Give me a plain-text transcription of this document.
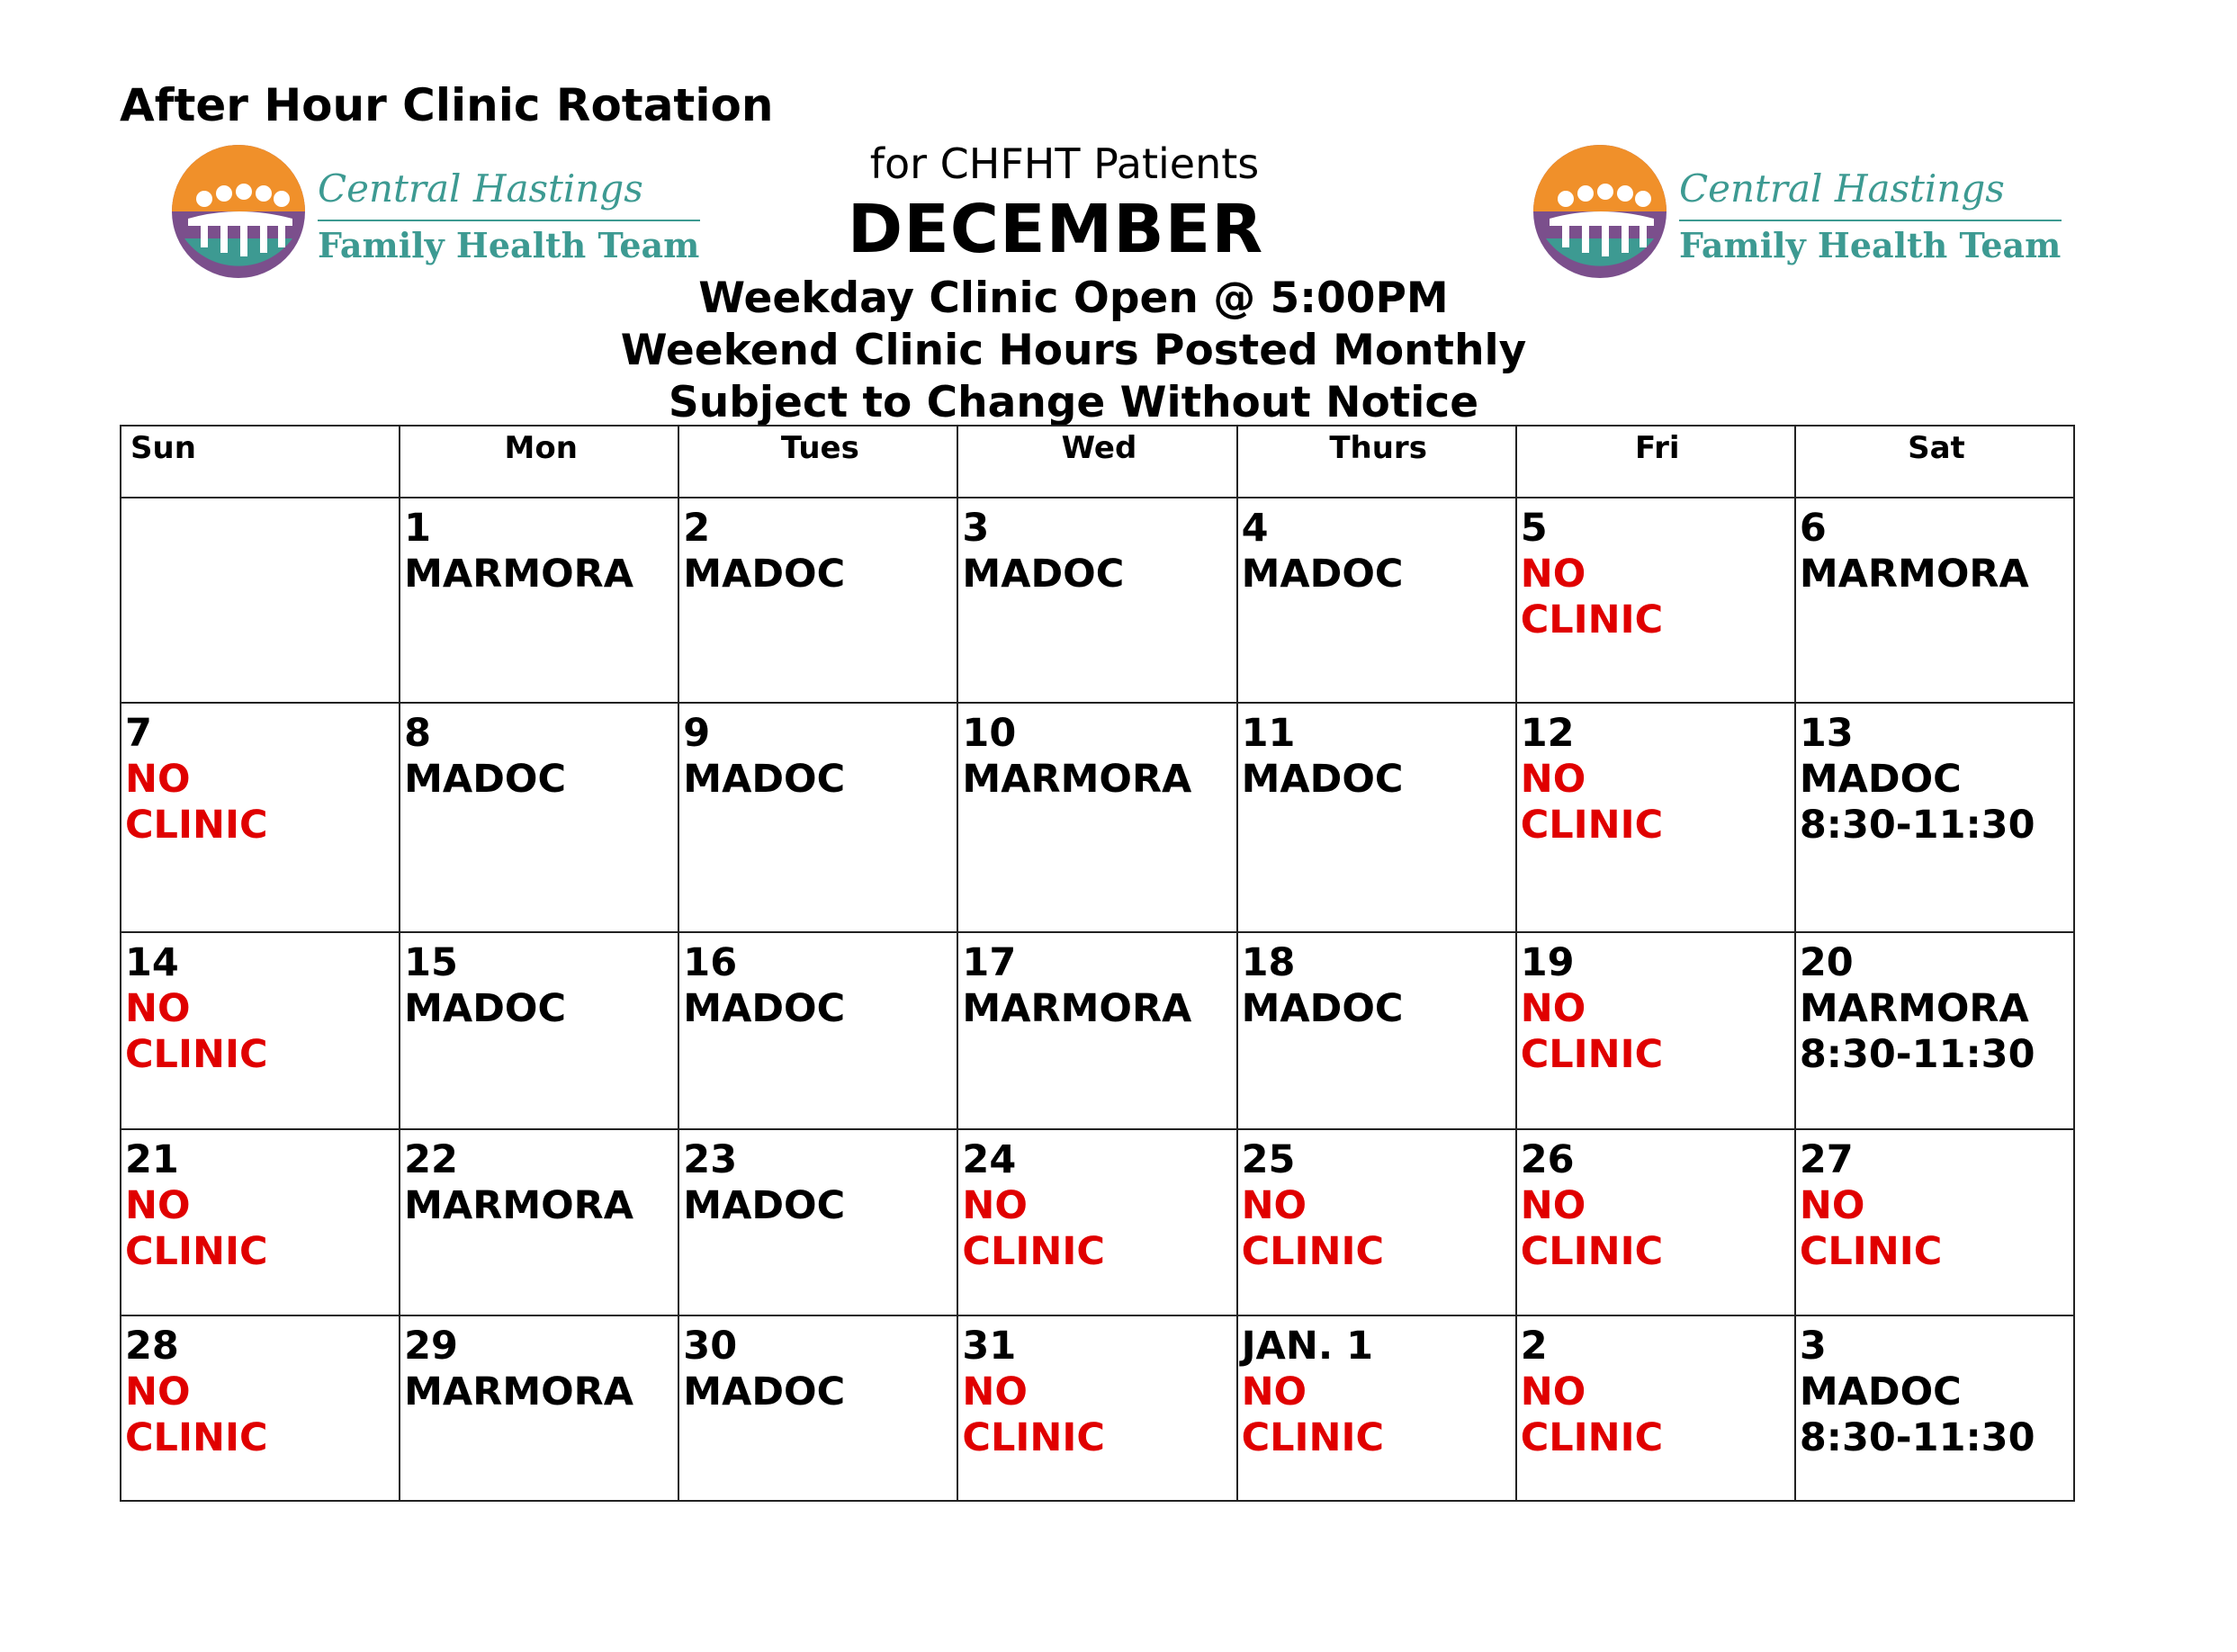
After Hour Clinic Rotation
Central Hastings
Family Health Team
Central Hastings
Family Health Team
for CHFHT Patients
DECEMBER
Weekday Clinic Open @ 5:00PM
Weekend Clinic Hours Posted Monthly
Subject to Change Without Notice
Sun	Mon	Tues	Wed	Thurs	Fri	Sat

	1
MARMORA	2
MADOC	3
MADOC	4
MADOC	5
NO
CLINIC	6
MARMORA

7
NO
CLINIC	8
MADOC	9
MADOC	10
MARMORA	11
MADOC	12
NO
CLINIC	13
MADOC
8:30-11:30

14
NO
CLINIC	15
MADOC	16
MADOC	17
MARMORA	18
MADOC	19
NO
CLINIC	20
MARMORA
8:30-11:30

21
NO
CLINIC	22
MARMORA	23
MADOC	24
NO
CLINIC	25
NO
CLINIC	26
NO
CLINIC	27
NO
CLINIC

28
NO
CLINIC	29
MARMORA	30
MADOC	31
NO
CLINIC	JAN. 1
NO
CLINIC	2
NO
CLINIC	3
MADOC
8:30-11:30
